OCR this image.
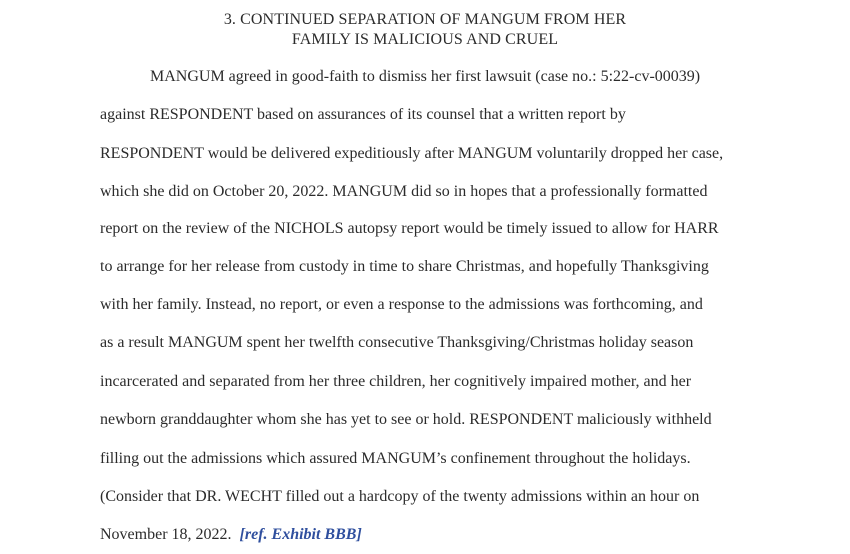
3. CONTINUED SEPARATION OF MANGUM FROM HER
FAMILY IS MALICIOUS AND CRUEL
MANGUM agreed in good-faith to dismiss her first lawsuit (case no.: 5:22-cv-00039)
against RESPONDENT based on assurances of its counsel that a written report by
RESPONDENT would be delivered expeditiously after MANGUM voluntarily dropped her case,
which she did on October 20, 2022. MANGUM did so in hopes that a professionally formatted
report on the review of the NICHOLS autopsy report would be timely issued to allow for HARR
to arrange for her release from custody in time to share Christmas, and hopefully Thanksgiving
with her family. Instead, no report, or even a response to the admissions was forthcoming, and
as a result MANGUM spent her twelfth consecutive Thanksgiving/Christmas holiday season
incarcerated and separated from her three children, her cognitively impaired mother, and her
newborn granddaughter whom she has yet to see or hold. RESPONDENT maliciously withheld
filling out the admissions which assured MANGUM’s confinement throughout the holidays.
(Consider that DR. WECHT filled out a hardcopy of the twenty admissions within an hour on
November 18, 2022.  [ref. Exhibit BBB]
